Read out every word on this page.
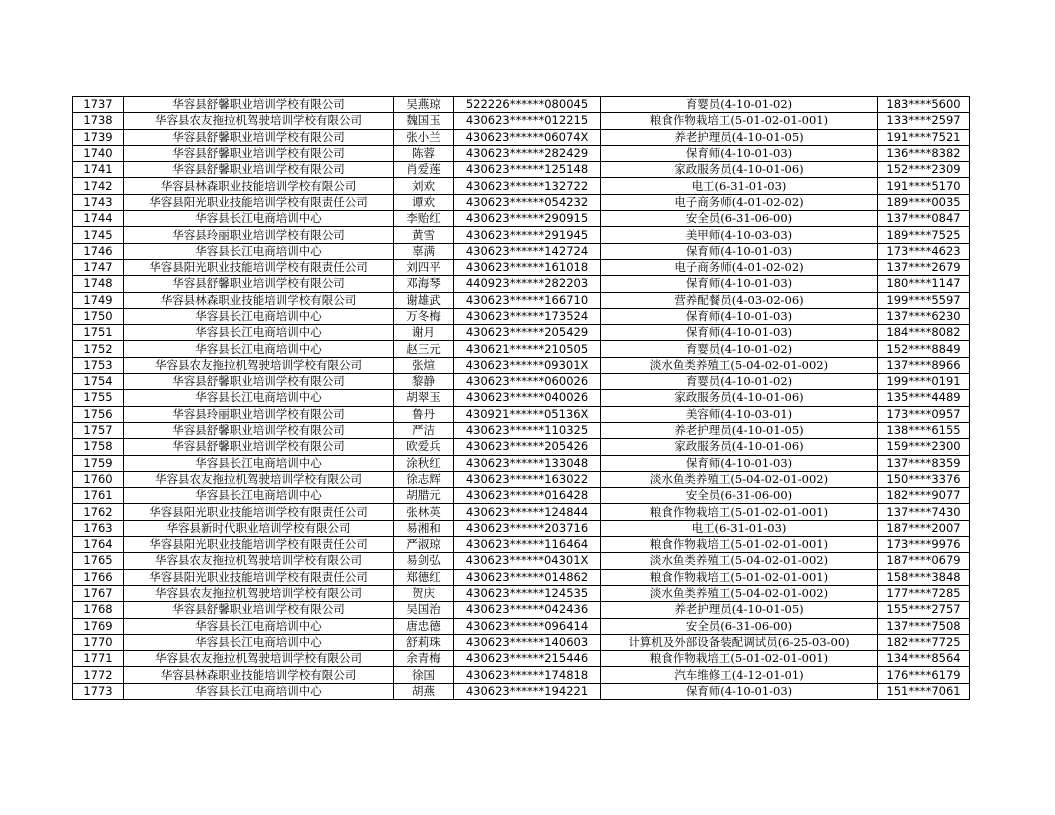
1737	华容县舒馨职业培训学校有限公司	吴燕琼	522226******080045	育婴员(4-10-01-02)	183****5600
1738	华容县农友拖拉机驾驶培训学校有限公司	魏国玉	430623******012215	粮食作物栽培工(5-01-02-01-001)	133****2597
1739	华容县舒馨职业培训学校有限公司	张小兰	430623******06074X	养老护理员(4-10-01-05)	191****7521
1740	华容县舒馨职业培训学校有限公司	陈蓉	430623******282429	保育师(4-10-01-03)	136****8382
1741	华容县舒馨职业培训学校有限公司	肖爱莲	430623******125148	家政服务员(4-10-01-06)	152****2309
1742	华容县林森职业技能培训学校有限公司	刘欢	430623******132722	电工(6-31-01-03)	191****5170
1743	华容县阳光职业技能培训学校有限责任公司	谭欢	430623******054232	电子商务师(4-01-02-02)	189****0035
1744	华容县长江电商培训中心	李贻红	430623******290915	安全员(6-31-06-00)	137****0847
1745	华容县玲丽职业培训学校有限公司	黄雪	430623******291945	美甲师(4-10-03-03)	189****7525
1746	华容县长江电商培训中心	辜满	430623******142724	保育师(4-10-01-03)	173****4623
1747	华容县阳光职业技能培训学校有限责任公司	刘四平	430623******161018	电子商务师(4-01-02-02)	137****2679
1748	华容县舒馨职业培训学校有限公司	邓海琴	440923******282203	保育师(4-10-01-03)	180****1147
1749	华容县林森职业技能培训学校有限公司	谢雄武	430623******166710	营养配餐员(4-03-02-06)	199****5597
1750	华容县长江电商培训中心	万冬梅	430623******173524	保育师(4-10-01-03)	137****6230
1751	华容县长江电商培训中心	谢月	430623******205429	保育师(4-10-01-03)	184****8082
1752	华容县长江电商培训中心	赵三元	430621******210505	育婴员(4-10-01-02)	152****8849
1753	华容县农友拖拉机驾驶培训学校有限公司	张煊	430623******09301X	淡水鱼类养殖工(5-04-02-01-002)	137****8966
1754	华容县舒馨职业培训学校有限公司	黎静	430623******060026	育婴员(4-10-01-02)	199****0191
1755	华容县长江电商培训中心	胡翠玉	430623******040026	家政服务员(4-10-01-06)	135****4489
1756	华容县玲丽职业培训学校有限公司	鲁丹	430921******05136X	美容师(4-10-03-01)	173****0957
1757	华容县舒馨职业培训学校有限公司	严洁	430623******110325	养老护理员(4-10-01-05)	138****6155
1758	华容县舒馨职业培训学校有限公司	欧爱兵	430623******205426	家政服务员(4-10-01-06)	159****2300
1759	华容县长江电商培训中心	涂秋红	430623******133048	保育师(4-10-01-03)	137****8359
1760	华容县农友拖拉机驾驶培训学校有限公司	徐志辉	430623******163022	淡水鱼类养殖工(5-04-02-01-002)	150****3376
1761	华容县长江电商培训中心	胡腊元	430623******016428	安全员(6-31-06-00)	182****9077
1762	华容县阳光职业技能培训学校有限责任公司	张林英	430623******124844	粮食作物栽培工(5-01-02-01-001)	137****7430
1763	华容县新时代职业培训学校有限公司	易湘和	430623******203716	电工(6-31-01-03)	187****2007
1764	华容县阳光职业技能培训学校有限责任公司	严淑琼	430623******116464	粮食作物栽培工(5-01-02-01-001)	173****9976
1765	华容县农友拖拉机驾驶培训学校有限公司	易剑弘	430623******04301X	淡水鱼类养殖工(5-04-02-01-002)	187****0679
1766	华容县阳光职业技能培训学校有限责任公司	郑德红	430623******014862	粮食作物栽培工(5-01-02-01-001)	158****3848
1767	华容县农友拖拉机驾驶培训学校有限公司	贺庆	430623******124535	淡水鱼类养殖工(5-04-02-01-002)	177****7285
1768	华容县舒馨职业培训学校有限公司	吴国治	430623******042436	养老护理员(4-10-01-05)	155****2757
1769	华容县长江电商培训中心	唐忠德	430623******096414	安全员(6-31-06-00)	137****7508
1770	华容县长江电商培训中心	舒莉珠	430623******140603	计算机及外部设备装配调试员(6-25-03-00)	182****7725
1771	华容县农友拖拉机驾驶培训学校有限公司	余青梅	430623******215446	粮食作物栽培工(5-01-02-01-001)	134****8564
1772	华容县林森职业技能培训学校有限公司	徐国	430623******174818	汽车维修工(4-12-01-01)	176****6179
1773	华容县长江电商培训中心	胡燕	430623******194221	保育师(4-10-01-03)	151****7061
